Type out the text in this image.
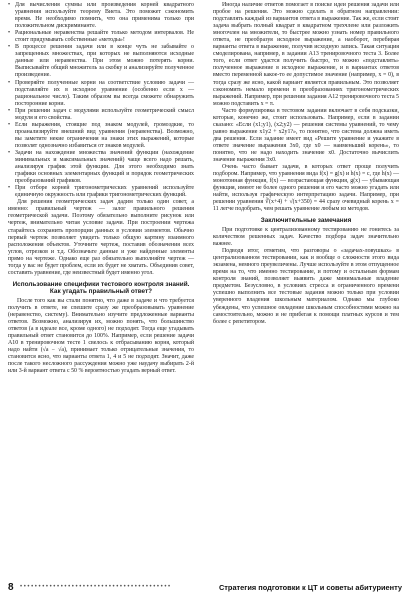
• Для вычисления суммы или произведения корней квадратного уравнения используйте теорему Виета. Это поможет сэкономить время. Не необходимо помнить, что она применима только при положительном дискриминанте.
• Рациональные неравенства решайте только методом интервалов. Не стоит придумывать собственные «методы»!
• В процессе решения задачи или в конце чуть не забывайте о запрещенных множествах, при которых не выполняются исходные данные или неравенства. При этом можно потерять корни. Выписывайте общий множитель за скобку и анализируйте полученное произведение.
• Проверяйте полученные корни на соответствие условию задачи — подставляйте их в исходное уравнение (особенно если x — рациональное число). Таким образом вы всегда сможете обнаружить посторонние корни.
• При решении задач с модулями используйте геометрический смысл модуля и его свойства.
• Если выражения, стоящие под знаком модулей, громоздкие, то проанализируйте внешний вид уравнения (неравенства). Возможно, вы заметите некие ограничения на знаки этих выражений, которые позволят однозначно избавиться от знаков модулей.
• Задачи на нахождение множества значений функции (нахождение минимальных и максимальных значений) чаще всего надо решать, анализируя график этой функции. Для этого необходимо знать графики основных элементарных функций и порядок геометрических преобразований графиков.
• При отборе корней тригонометрических уравнений используйте единичную окружность или графики тригонометрических функций.

Для решения геометрических задач дадим только один совет, а именно: правильный чертеж — залог правильного решения геометрической задачи. Поэтому обязательно выполните рисунок или чертеж, внимательно читая условие задачи. При построении чертежа старайтесь сохранить пропорции данных в условии элементов. Обычно первый чертеж позволяет увидеть только общую картину взаимного расположения объектов. Уточните чертеж, поставив обозначения всех углов, отрезков и т.д. Обозначьте данные и уже найденные элементы прямо на чертеже. Однако еще раз обязательно выполняйте чертеж — тогда у вас не будет проблем, если их будет не хватать. Объединив совет, составить уравнение, где неизвестный будет именно угол.

Использование специфики тестового контроля знаний. Как угадать правильный ответ?

После того как вы стали понятно, что даже в задаче и что требуется получить в ответе, не спешите сразу же преобразовывать уравнение (неравенство, систему). Внимательно изучите предложенные варианты ответов. Возможно, анализируя их, можно понять, что большинство ответов (а в идеале все, кроме одного) не подходят. Тогда еще угадывать правильный ответ становится до 100%. Например, если решение задачи A10 в тренировочном тесте 1 свелось к отбрасыванию корня, который надо найти (√a − √a), принимает только отрицательные значения, то становится ясно, что варианты ответа 1, 4 и 5 не подходят. Значит, даже после такого несложного рассуждения можно уже наудачу выбирать 2-й или 3-й вариант ответа с 50 % вероятностью угадать верный ответ.

Иногда наличие ответов помогает в поиске идеи решения задачи или пробое на решения. Это можно сделать в обратном направлении: подставлять каждый из вариантов ответа в выражение. Так же, если стоит задача выбрать полный квадрат в квадратном трехчлене или разложить многочлен на множители, то быстрее можно узнать номер правильного ответа, не преобразуя исходное выражение, а наоборот, перебирая варианты ответа в выражение, получив исходную запись. Такая ситуация смоделирована, например, в задании A13 тренировочного теста 3. Более того, если ответ удастся получить быстро, то можно «подставлять» полученное выражение в исходное выражение, и в вариантах ответов вместо переменной какое-то ее допустимое значение (например, x = 0), в тогда сразу же ясно, какой вариант является правильным. Это позволяет сэкономить немало времени в преобразованиях тригонометрических выражений. Например, при решении задания A12 тренировочного теста 5 можно подставить x = π.

Часто формулировка в тестовом задании включает в себя подсказки, которые, конечно же, стоит использовать. Например, если в задании сказано: «Если (x1;y1), (x2;y2) — решения системы уравнений, то чему равно выражение x1y2 + x2y1?», то понятно, что система должна иметь два решения. Если задание имеет вид «Решите уравнение и укажите в ответе значение выражения 3x0, где x0 — наименьший корень», то понятно, что не надо находить значение x0. Достаточно вычислить значение выражения 3x0.

Очень часто бывает задачи, в которых ответ проще получить подбором. Например, что уравнения вида f(x) = g(x) и h(x) = c, где h(x) — монотонная функция, f(x) — возрастающая функция, g(x) — убывающая функция, имеют не более одного решения и его часто можно угадать или найти, используя графическую интерпретацию задачи. Например, при решении уравнения ∛(x+4) + √(x+350) = 44 сразу очевидный корень x = 11 легче подобрать, чем решать уравнение любым из методов.

Заключительные замечания

При подготовке к централизованному тестированию не гонитесь за количеством решенных задач. Качество подбора задач значительно важнее.

Подводя итог, отметим, что разговоры о «задачах-ловушках» в централизованном тестировании, как и вообще о сложности этого вида экзамена, немного преувеличены. Лучше используйте в этом отпущенное время на то, что именно тестирование, и потому и остальным формам контроля знаний, позволяет выявить даже минимальные владение предметом. Безусловно, в условиях стресса и ограниченного времени успешно выполнить все тестовые задания можно только при условии уверенного владения школьным материалом. Однако мы глубоко убеждены, что успешное овладение школьным способностями можно на самостоятельно, можно и не прибегая к помощи платных курсов и тем более с репетитором.

8 •••••••••••••••••••••••••••••••••••••••••	Стратегия подготовки к ЦТ и советы абитуриенту
